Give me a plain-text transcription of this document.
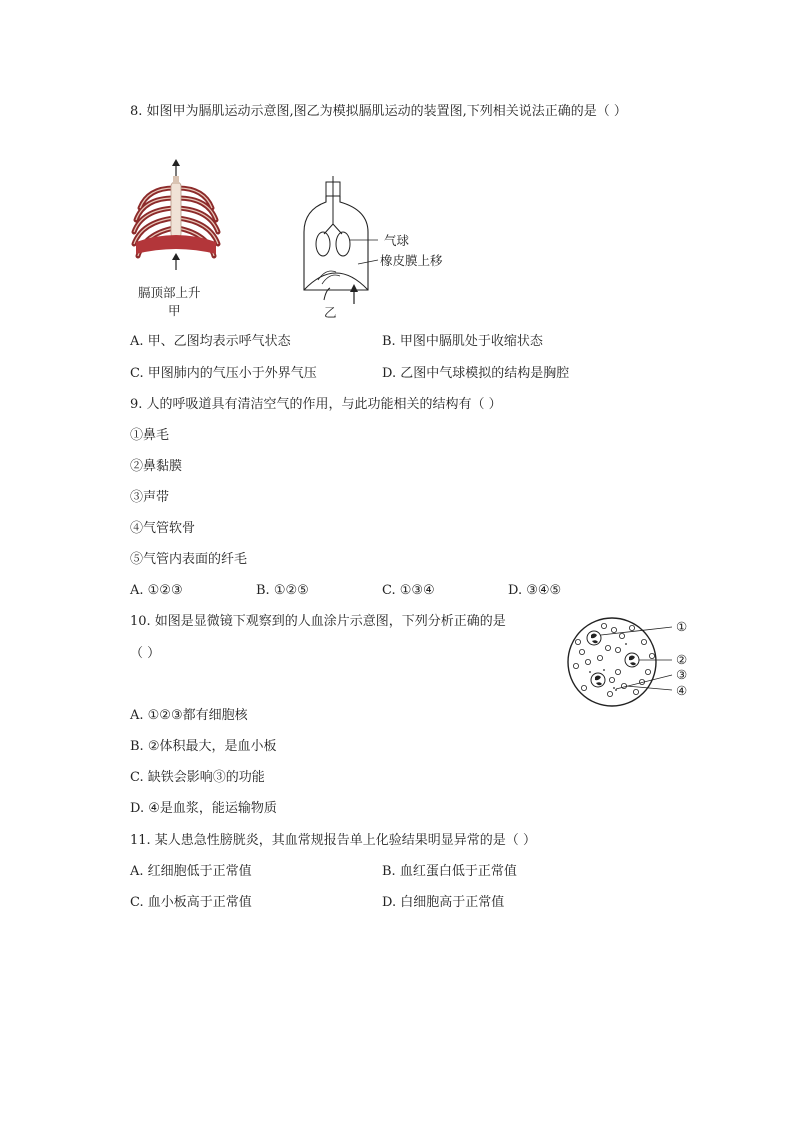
8. 如图甲为膈肌运动示意图,图乙为模拟膈肌运动的装置图,下列相关说法正确的是（ ）
膈顶部上升
甲
气球
橡皮膜上移
乙
A. 甲、乙图均表示呼气状态	B. 甲图中膈肌处于收缩状态
C. 甲图肺内的气压小于外界气压	D. 乙图中气球模拟的结构是胸腔
9. 人的呼吸道具有清洁空气的作用，与此功能相关的结构有（ ）
①鼻毛
②鼻黏膜
③声带
④气管软骨
⑤气管内表面的纤毛
A. ①②③	B. ①②⑤	C. ①③④	D. ③④⑤
10. 如图是显微镜下观察到的人血涂片示意图，下列分析正确的是
（ ）
①
②
③
④
A. ①②③都有细胞核
B. ②体积最大，是血小板
C. 缺铁会影响③的功能
D. ④是血浆，能运输物质
11. 某人患急性膀胱炎，其血常规报告单上化验结果明显异常的是（ ）
A. 红细胞低于正常值	B. 血红蛋白低于正常值
C. 血小板高于正常值	D. 白细胞高于正常值
